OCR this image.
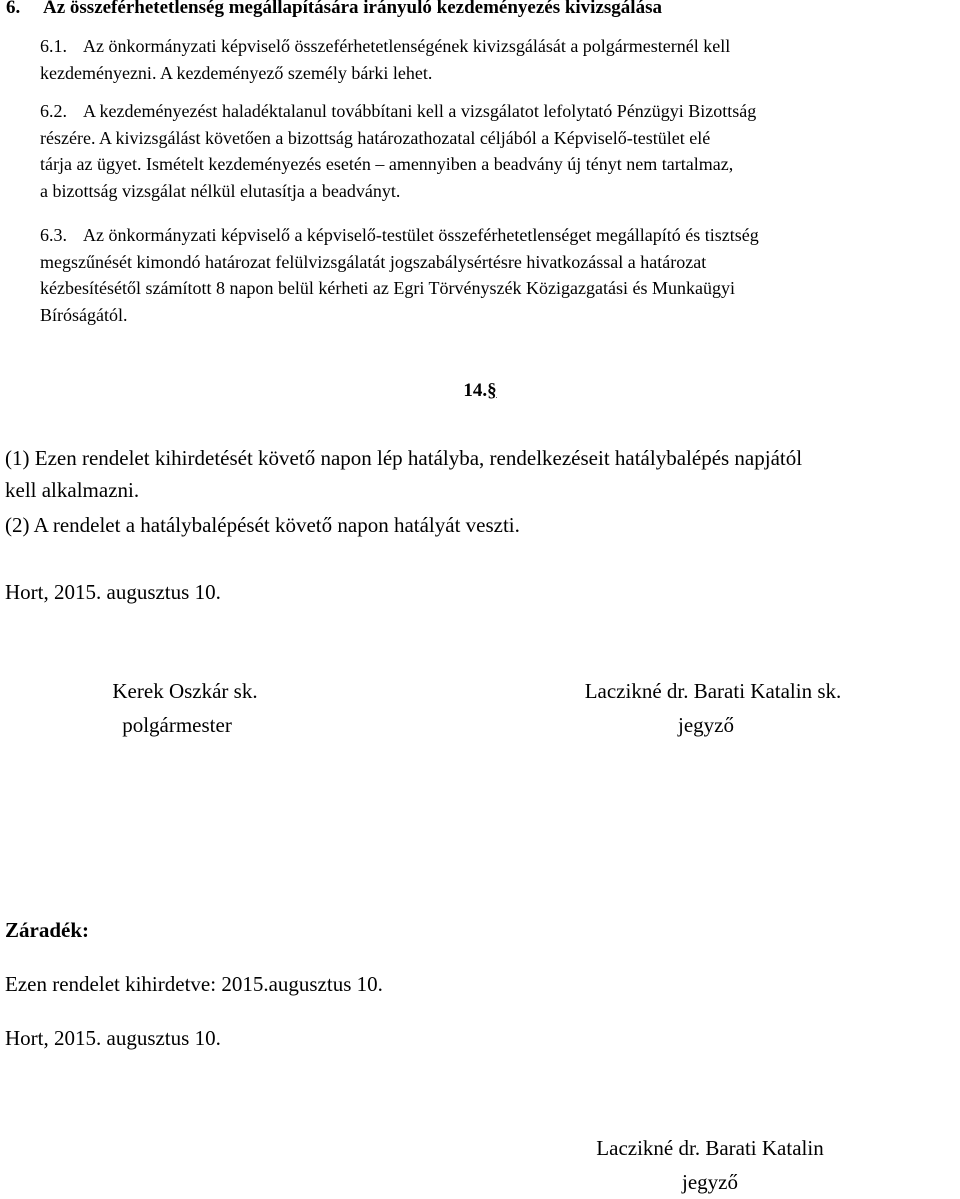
6. Az összeférhetetlenség megállapítására irányuló kezdeményezés kivizsgálása
6.1. Az önkormányzati képviselő összeférhetetlenségének kivizsgálását a polgármesternél kell
kezdeményezni. A kezdeményező személy bárki lehet.
6.2. A kezdeményezést haladéktalanul továbbítani kell a vizsgálatot lefolytató Pénzügyi Bizottság
részére. A kivizsgálást követően a bizottság határozathozatal céljából a Képviselő-testület elé
tárja az ügyet. Ismételt kezdeményezés esetén – amennyiben a beadvány új tényt nem tartalmaz,
a bizottság vizsgálat nélkül elutasítja a beadványt.
6.3. Az önkormányzati képviselő a képviselő-testület összeférhetetlenséget megállapító és tisztség
megszűnését kimondó határozat felülvizsgálatát jogszabálysértésre hivatkozással a határozat
kézbesítésétől számított 8 napon belül kérheti az Egri Törvényszék Közigazgatási és Munkaügyi
Bíróságától.
14.§
(1) Ezen rendelet kihirdetését követő napon lép hatályba, rendelkezéseit hatálybalépés napjától
kell alkalmazni.
(2) A rendelet a hatálybalépését követő napon hatályát veszti.
Hort, 2015. augusztus 10.
Kerek Oszkár sk.
polgármester
Laczikné dr. Barati Katalin sk.
jegyző
Záradék:
Ezen rendelet kihirdetve: 2015.augusztus 10.
Hort, 2015. augusztus 10.
Laczikné dr. Barati Katalin
jegyző
